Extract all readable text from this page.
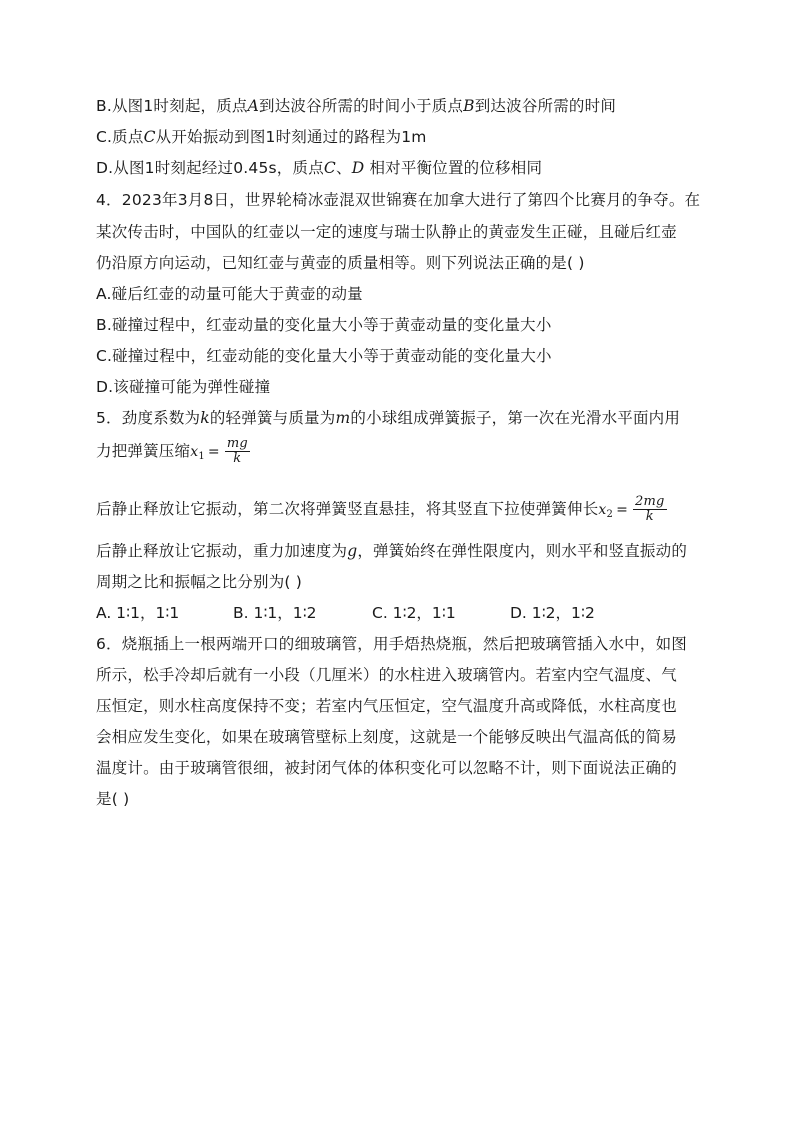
B.从图1时刻起，质点A到达波谷所需的时间小于质点B到达波谷所需的时间
C.质点C从开始振动到图1时刻通过的路程为1m
D.从图1时刻起经过0.45s，质点C、D 相对平衡位置的位移相同
4．2023年3月8日，世界轮椅冰壶混双世锦赛在加拿大进行了第四个比赛月的争夺。在
某次传击时，中国队的红壶以一定的速度与瑞士队静止的黄壶发生正碰，且碰后红壶
仍沿原方向运动，已知红壶与黄壶的质量相等。则下列说法正确的是( )
A.碰后红壶的动量可能大于黄壶的动量
B.碰撞过程中，红壶动量的变化量大小等于黄壶动量的变化量大小
C.碰撞过程中，红壶动能的变化量大小等于黄壶动能的变化量大小
D.该碰撞可能为弹性碰撞
5．劲度系数为k的轻弹簧与质量为m的小球组成弹簧振子，第一次在光滑水平面内用
力把弹簧压缩$x_1 = \frac{mg}{k}$
后静止释放让它振动，第二次将弹簧竖直悬挂，将其竖直下拉使弹簧伸长$x_2 = \frac{2mg}{k}$
后静止释放让它振动，重力加速度为g，弹簧始终在弹性限度内，则水平和竖直振动的
周期之比和振幅之比分别为( )
A. 1∶1，1∶1	B. 1∶1，1∶2	C. 1∶2，1∶1	D. 1∶2，1∶2
6．烧瓶插上一根两端开口的细玻璃管，用手焐热烧瓶，然后把玻璃管插入水中，如图
所示，松手冷却后就有一小段（几厘米）的水柱进入玻璃管内。若室内空气温度、气
压恒定，则水柱高度保持不变；若室内气压恒定，空气温度升高或降低，水柱高度也
会相应发生变化，如果在玻璃管壁标上刻度，这就是一个能够反映出气温高低的简易
温度计。由于玻璃管很细，被封闭气体的体积变化可以忽略不计，则下面说法正确的
是( )
